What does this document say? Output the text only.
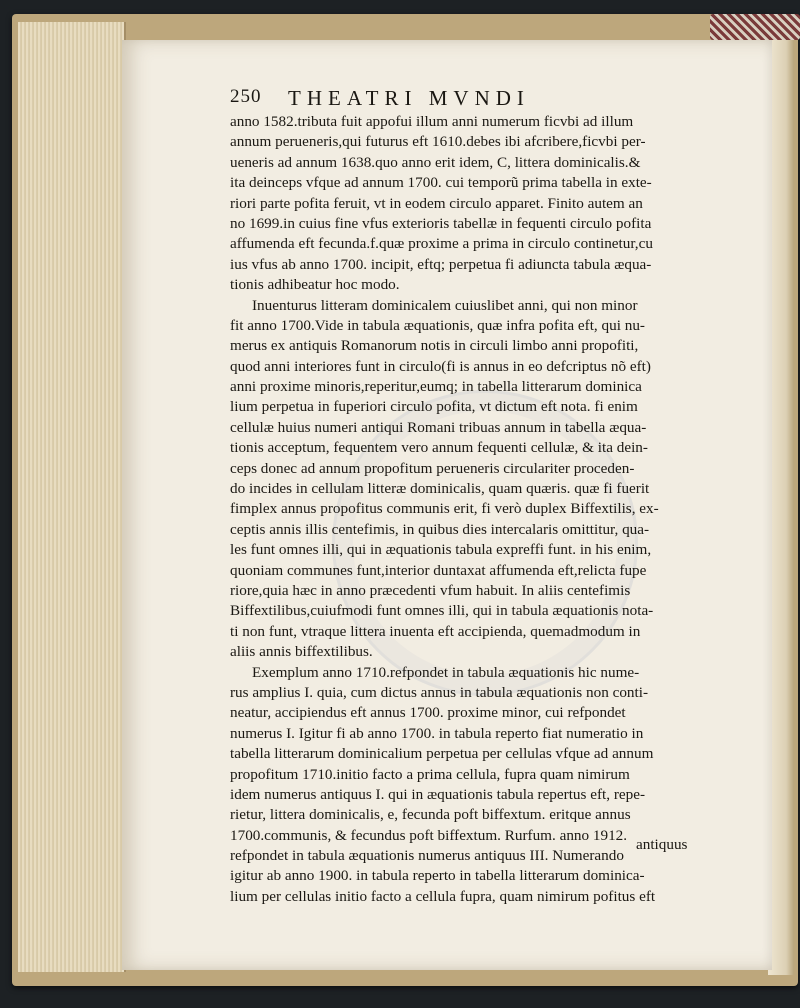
250 THEATRI MVNDI
anno 1582.tributa fuit appofui illum anni numerum ficvbi ad illum
annum perueneris,qui futurus eft 1610.debes ibi afcribere,ficvbi per-
ueneris ad annum 1638.quo anno erit idem, C, littera dominicalis.&
ita deinceps vfque ad annum 1700. cui temporũ prima tabella in exte-
riori parte pofita feruit, vt in eodem circulo apparet. Finito autem an
no 1699.in cuius fine vfus exterioris tabellæ in fequenti circulo pofita
affumenda eft fecunda.f.quæ proxime a prima in circulo continetur,cu
ius vfus ab anno 1700. incipit, eftq; perpetua fi adiuncta tabula æqua-
tionis adhibeatur hoc modo.
Inuenturus litteram dominicalem cuiuslibet anni, qui non minor
fit anno 1700.Vide in tabula æquationis, quæ infra pofita eft, qui nu-
merus ex antiquis Romanorum notis in circuli limbo anni propofiti,
quod anni interiores funt in circulo(fi is annus in eo defcriptus nõ eft)
anni proxime minoris,reperitur,eumq; in tabella litterarum dominica
lium perpetua in fuperiori circulo pofita, vt dictum eft nota. fi enim
cellulæ huius numeri antiqui Romani tribuas annum in tabella æqua-
tionis acceptum, fequentem vero annum fequenti cellulæ, & ita dein-
ceps donec ad annum propofitum perueneris circulariter proceden-
do incides in cellulam litteræ dominicalis, quam quæris. quæ fi fuerit
fimplex annus propofitus communis erit, fi verò duplex Biffextilis, ex-
ceptis annis illis centefimis, in quibus dies intercalaris omittitur, qua-
les funt omnes illi, qui in æquationis tabula expreffi funt. in his enim,
quoniam communes funt,interior duntaxat affumenda eft,relicta fupe
riore,quia hæc in anno præcedenti vfum habuit. In aliis centefimis
Biffextilibus,cuiufmodi funt omnes illi, qui in tabula æquationis nota-
ti non funt, vtraque littera inuenta eft accipienda, quemadmodum in
aliis annis biffextilibus.
Exemplum anno 1710.refpondet in tabula æquationis hic nume-
rus amplius I. quia, cum dictus annus in tabula æquationis non conti-
neatur, accipiendus eft annus 1700. proxime minor, cui refpondet
numerus I. Igitur fi ab anno 1700. in tabula reperto fiat numeratio in
tabella litterarum dominicalium perpetua per cellulas vfque ad annum
propofitum 1710.initio facto a prima cellula, fupra quam nimirum
idem numerus antiquus I. qui in æquationis tabula repertus eft, repe-
rietur, littera dominicalis, e, fecunda poft biffextum. eritque annus
1700.communis, & fecundus poft biffextum. Rurfum. anno 1912.
refpondet in tabula æquationis numerus antiquus III. Numerando
igitur ab anno 1900. in tabula reperto in tabella litterarum dominica-
lium per cellulas initio facto a cellula fupra, quam nimirum pofitus eft
antiquus
